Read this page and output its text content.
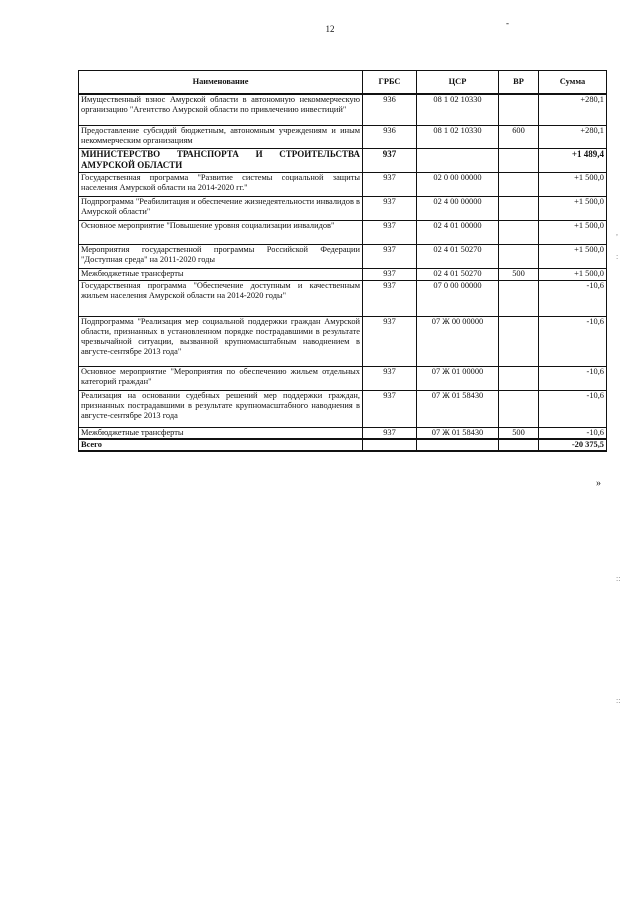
12
-
,
:
::
::
Наименование	ГРБС	ЦСР	ВР	Сумма
Имущественный взнос Амурской области в автономную некоммерческую организацию "Агентство Амурской области по привлечению инвестиций"	936	08 1 02 10330		+280,1
Предоставление субсидий бюджетным, автономным учреждениям и иным некоммерческим организациям	936	08 1 02 10330	600	+280,1
МИНИСТЕРСТВО ТРАНСПОРТА И СТРОИТЕЛЬСТВА АМУРСКОЙ ОБЛАСТИ	937			+1 489,4
Государственная программа "Развитие системы социальной защиты населения Амурской области на 2014-2020 гг."	937	02 0 00 00000		+1 500,0
Подпрограмма "Реабилитация и обеспечение жизнедеятельности инвалидов в Амурской области"	937	02 4 00 00000		+1 500,0
Основное мероприятие "Повышение уровня социализации инвалидов"	937	02 4 01 00000		+1 500,0
Мероприятия государственной программы Российской Федерации "Доступная среда" на 2011-2020 годы	937	02 4 01 50270		+1 500,0
Межбюджетные трансферты	937	02 4 01 50270	500	+1 500,0
Государственная программа "Обеспечение доступным и качественным жильем населения Амурской области на 2014-2020 годы"	937	07 0 00 00000		-10,6
Подпрограмма "Реализация мер социальной поддержки граждан Амурской области, признанных в установленном порядке пострадавшими в результате чрезвычайной ситуации, вызванной крупномасштабным наводнением в августе-сентябре 2013 года"	937	07 Ж 00 00000		-10,6
Основное мероприятие "Мероприятия по обеспечению жильем отдельных категорий граждан"	937	07 Ж 01 00000		-10,6
Реализация на основании судебных решений мер поддержки граждан, признанных пострадавшими в результате крупномасштабного наводнения в августе-сентябре 2013 года	937	07 Ж 01 58430		-10,6
Межбюджетные трансферты	937	07 Ж 01 58430	500	-10,6
Всего				-20 375,5
»
